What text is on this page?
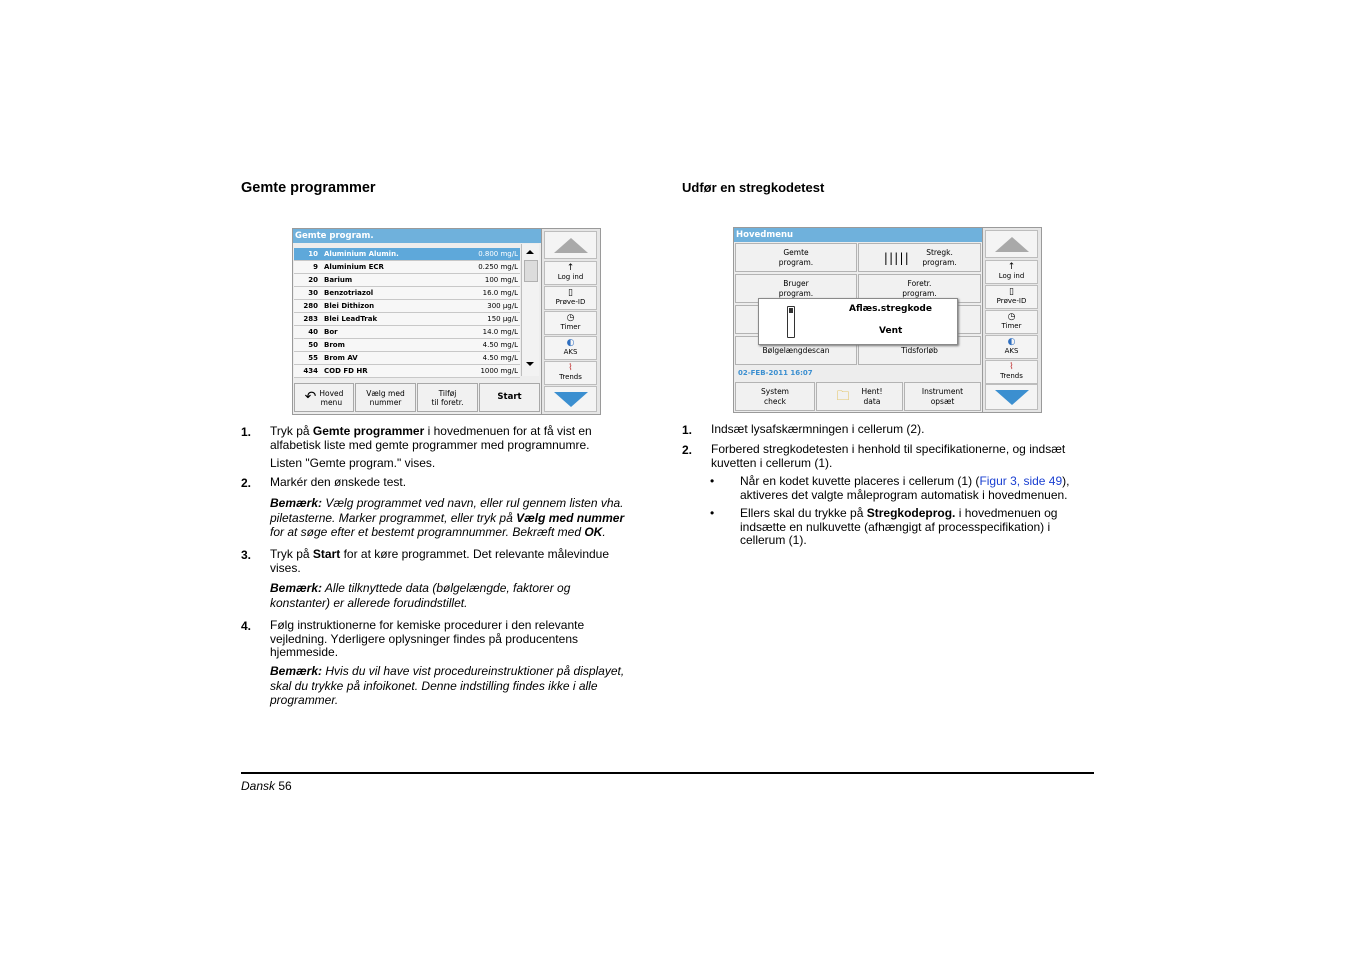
Gemte programmer	Udfør en stregkodetest
Gemte program.
10 Aluminium Alumin.	0.800 mg/L
9 Aluminium ECR	0.250 mg/L
20 Barium	100 mg/L
30 Benzotriazol	16.0 mg/L
280 Blei Dithizon	300 µg/L
283 Blei LeadTrak	150 µg/L
40 Bor	14.0 mg/L
50 Brom	4.50 mg/L
55 Brom AV	4.50 mg/L
434 COD FD HR	1000 mg/L
↶ Hoved
menu
Vælg med
nummer
Tilføj
til foretr.	Start
↑
Log ind
▯
Prøve-ID
◷
Timer
◐
AKS
⌇
Trends
Hovedmenu
Gemte
program.	|||||	Stregk.
program.
Bruger
program.
Foretr.
program.
Bølgelængdescan	Tidsforløb
02-FEB-2011 16:07
System
check	🗀 Hent!
data
Instrument
opsæt
Aflæs.stregkode
Vent
↑
Log ind
▯
Prøve-ID
◷
Timer
◐
AKS
⌇
Trends
1. Tryk på Gemte programmer i hovedmenuen for at få vist en
alfabetisk liste med gemte programmer med programnumre.
Listen "Gemte program." vises.
2. Markér den ønskede test.
Bemærk: Vælg programmet ved navn, eller rul gennem listen vha.
piletasterne. Marker programmet, eller tryk på Vælg med nummer
for at søge efter et bestemt programnummer. Bekræft med OK.
3. Tryk på Start for at køre programmet. Det relevante målevindue
vises.
Bemærk: Alle tilknyttede data (bølgelængde, faktorer og
konstanter) er allerede forudindstillet.
4. Følg instruktionerne for kemiske procedurer i den relevante
vejledning. Yderligere oplysninger findes på producentens
hjemmeside.
Bemærk: Hvis du vil have vist procedureinstruktioner på displayet,
skal du trykke på infoikonet. Denne indstilling findes ikke i alle
programmer.
1. Indsæt lysafskærmningen i cellerum (2).
2. Forbered stregkodetesten i henhold til specifikationerne, og indsæt
kuvetten i cellerum (1).
• Når en kodet kuvette placeres i cellerum (1) (Figur 3, side 49),
aktiveres det valgte måleprogram automatisk i hovedmenuen.
• Ellers skal du trykke på Stregkodeprog. i hovedmenuen og
indsætte en nulkuvette (afhængigt af processpecifikation) i
cellerum (1).
Dansk 56
